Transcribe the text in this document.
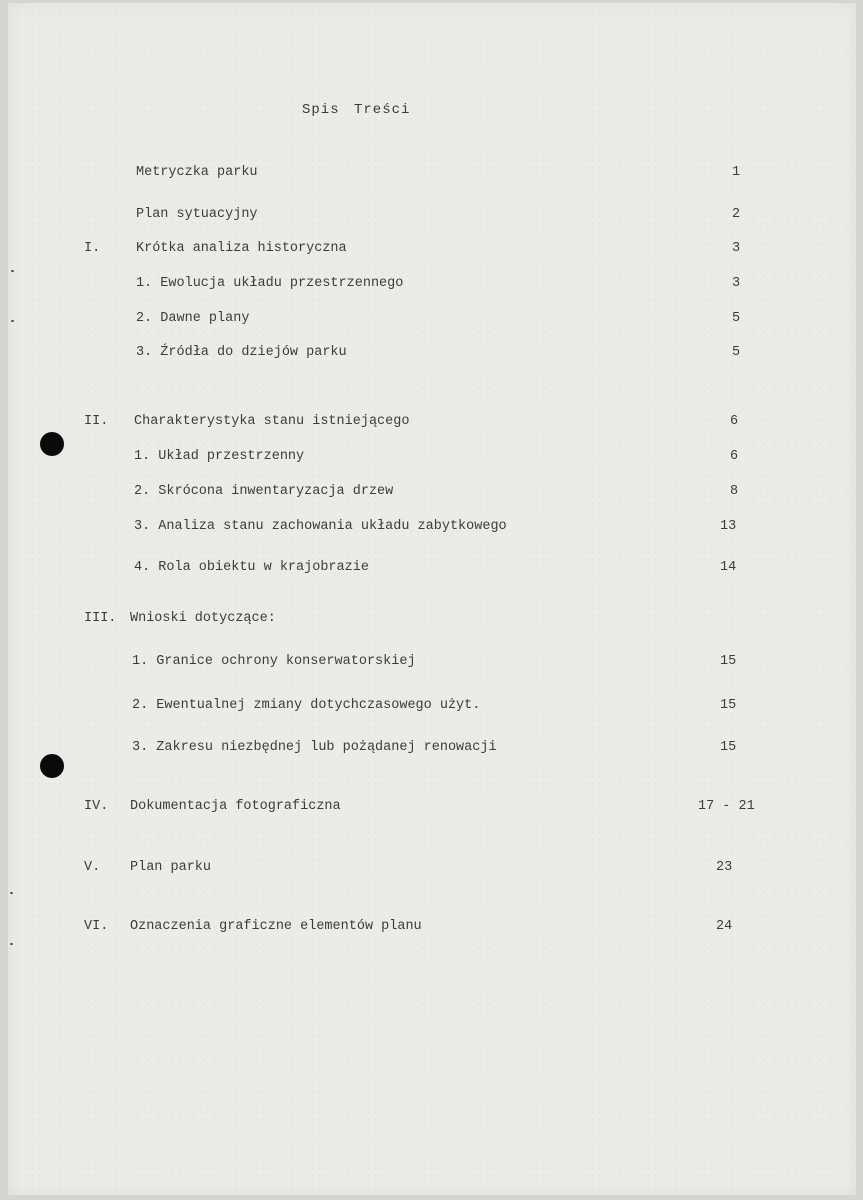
Spis Treści
Metryczka parku	1
Plan sytuacyjny	2
I.	Krótka analiza historyczna	3
1. Ewolucja układu przestrzennego	3
2. Dawne plany	5
3. Źródła do dziejów parku	5
II. Charakterystyka stanu istniejącego	6
1. Układ przestrzenny	6
2. Skrócona inwentaryzacja drzew	8
3. Analiza stanu zachowania układu zabytkowego	13
4. Rola obiektu w krajobrazie	14
III. Wnioski dotyczące:
1. Granice ochrony konserwatorskiej	15
2. Ewentualnej zmiany dotychczasowego użyt.	15
3. Zakresu niezbędnej lub pożądanej renowacji	15
IV. Dokumentacja fotograficzna	17 - 21
V. Plan parku	23
VI. Oznaczenia graficzne elementów planu	24
